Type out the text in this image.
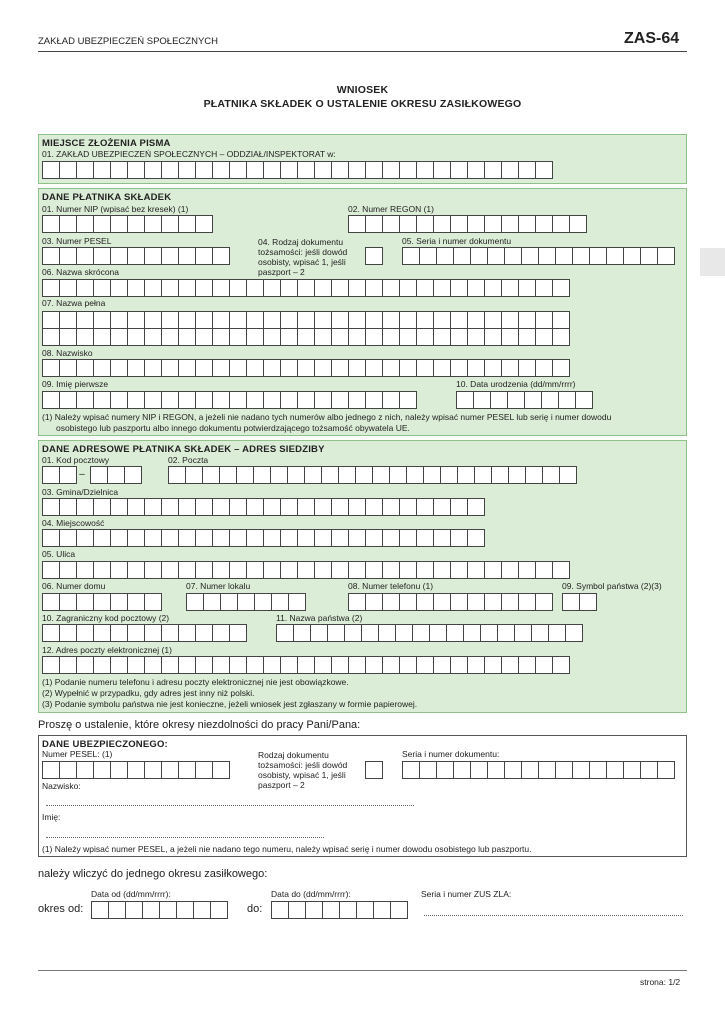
ZAKŁAD UBEZPIECZEŃ SPOŁECZNYCH	ZAS-64
WNIOSEK
PŁATNIKA SKŁADEK O USTALENIE OKRESU ZASIŁKOWEGO
MIEJSCE ZŁOŻENIA PISMA
01. ZAKŁAD UBEZPIECZEŃ SPOŁECZNYCH – ODDZIAŁ/INSPEKTORAT w:
DANE PŁATNIKA SKŁADEK
01. Numer NIP (wpisać bez kresek) (1)	02. Numer REGON (1)
03. Numer PESEL	04. Rodzaj dokumentu
tożsamości: jeśli dowód
osobisty, wpisać 1, jeśli
paszport – 2
05. Seria i numer dokumentu
06. Nazwa skrócona
07. Nazwa pełna
08. Nazwisko
09. Imię pierwsze	10. Data urodzenia (dd/mm/rrrr)
(1) Należy wpisać numery NIP i REGON, a jeżeli nie nadano tych numerów albo jednego z nich, należy wpisać numer PESEL lub serię i numer dowodu
osobistego lub paszportu albo innego dokumentu potwierdzającego tożsamość obywatela UE.
DANE ADRESOWE PŁATNIKA SKŁADEK – ADRES SIEDZIBY
01. Kod pocztowy	02. Poczta
–
03. Gmina/Dzielnica
04. Miejscowość
05. Ulica
06. Numer domu	07. Numer lokalu	08. Numer telefonu (1)	09. Symbol państwa (2)(3)
10. Zagraniczny kod pocztowy (2)	11. Nazwa państwa (2)
12. Adres poczty elektronicznej (1)
(1) Podanie numeru telefonu i adresu poczty elektronicznej nie jest obowiązkowe.
(2) Wypełnić w przypadku, gdy adres jest inny niż polski.
(3) Podanie symbolu państwa nie jest konieczne, jeżeli wniosek jest zgłaszany w formie papierowej.
Proszę o ustalenie, które okresy niezdolności do pracy Pani/Pana:
DANE UBEZPIECZONEGO:
Numer PESEL: (1)	Rodzaj dokumentu
tożsamości: jeśli dowód
osobisty, wpisać 1, jeśli
paszport – 2
Seria i numer dokumentu:
Nazwisko:
Imię:
(1) Należy wpisać numer PESEL, a jeżeli nie nadano tego numeru, należy wpisać serię i numer dowodu osobistego lub paszportu.
należy wliczyć do jednego okresu zasiłkowego:
Data od (dd/mm/rrrr):	Data do (dd/mm/rrrr):	Seria i numer ZUS ZLA:
okres od:	do:
strona: 1/2
